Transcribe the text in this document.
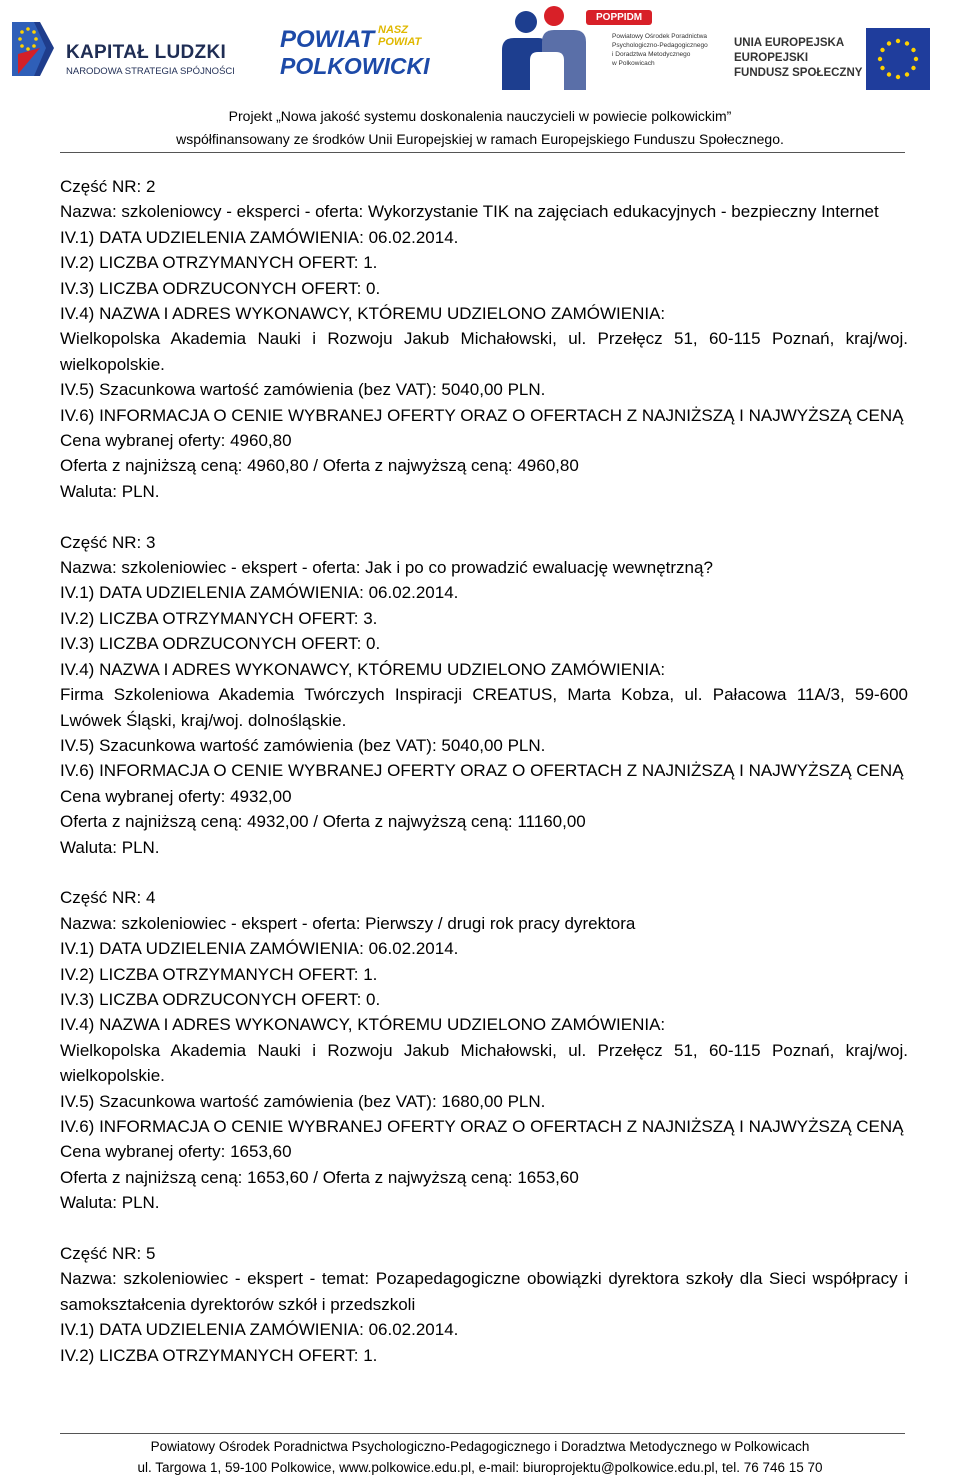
KAPITAŁ LUDZKI
NARODOWA STRATEGIA SPÓJNOŚCI
POWIAT NASZ
POWIAT
POLKOWICKI
POPPIDM
Powiatowy Ośrodek Poradnictwa
Psychologiczno-Pedagogicznego
i Doradztwa Metodycznego
w Polkowicach
UNIA EUROPEJSKA
EUROPEJSKI
FUNDUSZ SPOŁECZNY
Projekt „Nowa jakość systemu doskonalenia nauczycieli w powiecie polkowickim”
współfinansowany ze środków Unii Europejskiej w ramach Europejskiego Funduszu Społecznego.
Część NR: 2
Nazwa: szkoleniowcy - eksperci - oferta: Wykorzystanie TIK na zajęciach edukacyjnych - bezpieczny Internet
IV.1) DATA UDZIELENIA ZAMÓWIENIA: 06.02.2014.
IV.2) LICZBA OTRZYMANYCH OFERT: 1.
IV.3) LICZBA ODRZUCONYCH OFERT: 0.
IV.4) NAZWA I ADRES WYKONAWCY, KTÓREMU UDZIELONO ZAMÓWIENIA:
Wielkopolska Akademia Nauki i Rozwoju Jakub Michałowski, ul. Przełęcz 51, 60-115 Poznań, kraj/woj. wielkopolskie.
IV.5) Szacunkowa wartość zamówienia (bez VAT): 5040,00 PLN.
IV.6) INFORMACJA O CENIE WYBRANEJ OFERTY ORAZ O OFERTACH Z NAJNIŻSZĄ I NAJWYŻSZĄ CENĄ
Cena wybranej oferty: 4960,80
Oferta z najniższą ceną: 4960,80 / Oferta z najwyższą ceną: 4960,80
Waluta: PLN.
Część NR: 3
Nazwa: szkoleniowiec - ekspert - oferta: Jak i po co prowadzić ewaluację wewnętrzną?
IV.1) DATA UDZIELENIA ZAMÓWIENIA: 06.02.2014.
IV.2) LICZBA OTRZYMANYCH OFERT: 3.
IV.3) LICZBA ODRZUCONYCH OFERT: 0.
IV.4) NAZWA I ADRES WYKONAWCY, KTÓREMU UDZIELONO ZAMÓWIENIA:
Firma Szkoleniowa Akademia Twórczych Inspiracji CREATUS, Marta Kobza, ul. Pałacowa 11A/3, 59-600 Lwówek Śląski, kraj/woj. dolnośląskie.
IV.5) Szacunkowa wartość zamówienia (bez VAT): 5040,00 PLN.
IV.6) INFORMACJA O CENIE WYBRANEJ OFERTY ORAZ O OFERTACH Z NAJNIŻSZĄ I NAJWYŻSZĄ CENĄ
Cena wybranej oferty: 4932,00
Oferta z najniższą ceną: 4932,00 / Oferta z najwyższą ceną: 11160,00
Waluta: PLN.
Część NR: 4
Nazwa: szkoleniowiec - ekspert - oferta: Pierwszy / drugi rok pracy dyrektora
IV.1) DATA UDZIELENIA ZAMÓWIENIA: 06.02.2014.
IV.2) LICZBA OTRZYMANYCH OFERT: 1.
IV.3) LICZBA ODRZUCONYCH OFERT: 0.
IV.4) NAZWA I ADRES WYKONAWCY, KTÓREMU UDZIELONO ZAMÓWIENIA:
Wielkopolska Akademia Nauki i Rozwoju Jakub Michałowski, ul. Przełęcz 51, 60-115 Poznań, kraj/woj. wielkopolskie.
IV.5) Szacunkowa wartość zamówienia (bez VAT): 1680,00 PLN.
IV.6) INFORMACJA O CENIE WYBRANEJ OFERTY ORAZ O OFERTACH Z NAJNIŻSZĄ I NAJWYŻSZĄ CENĄ
Cena wybranej oferty: 1653,60
Oferta z najniższą ceną: 1653,60 / Oferta z najwyższą ceną: 1653,60
Waluta: PLN.
Część NR: 5
Nazwa: szkoleniowiec - ekspert - temat: Pozapedagogiczne obowiązki dyrektora szkoły dla Sieci współpracy i samokształcenia dyrektorów szkół i przedszkoli
IV.1) DATA UDZIELENIA ZAMÓWIENIA: 06.02.2014.
IV.2) LICZBA OTRZYMANYCH OFERT: 1.
Powiatowy Ośrodek Poradnictwa Psychologiczno-Pedagogicznego i Doradztwa Metodycznego w Polkowicach
ul. Targowa 1, 59-100 Polkowice, www.polkowice.edu.pl, e-mail: biuroprojektu@polkowice.edu.pl, tel. 76 746 15 70
